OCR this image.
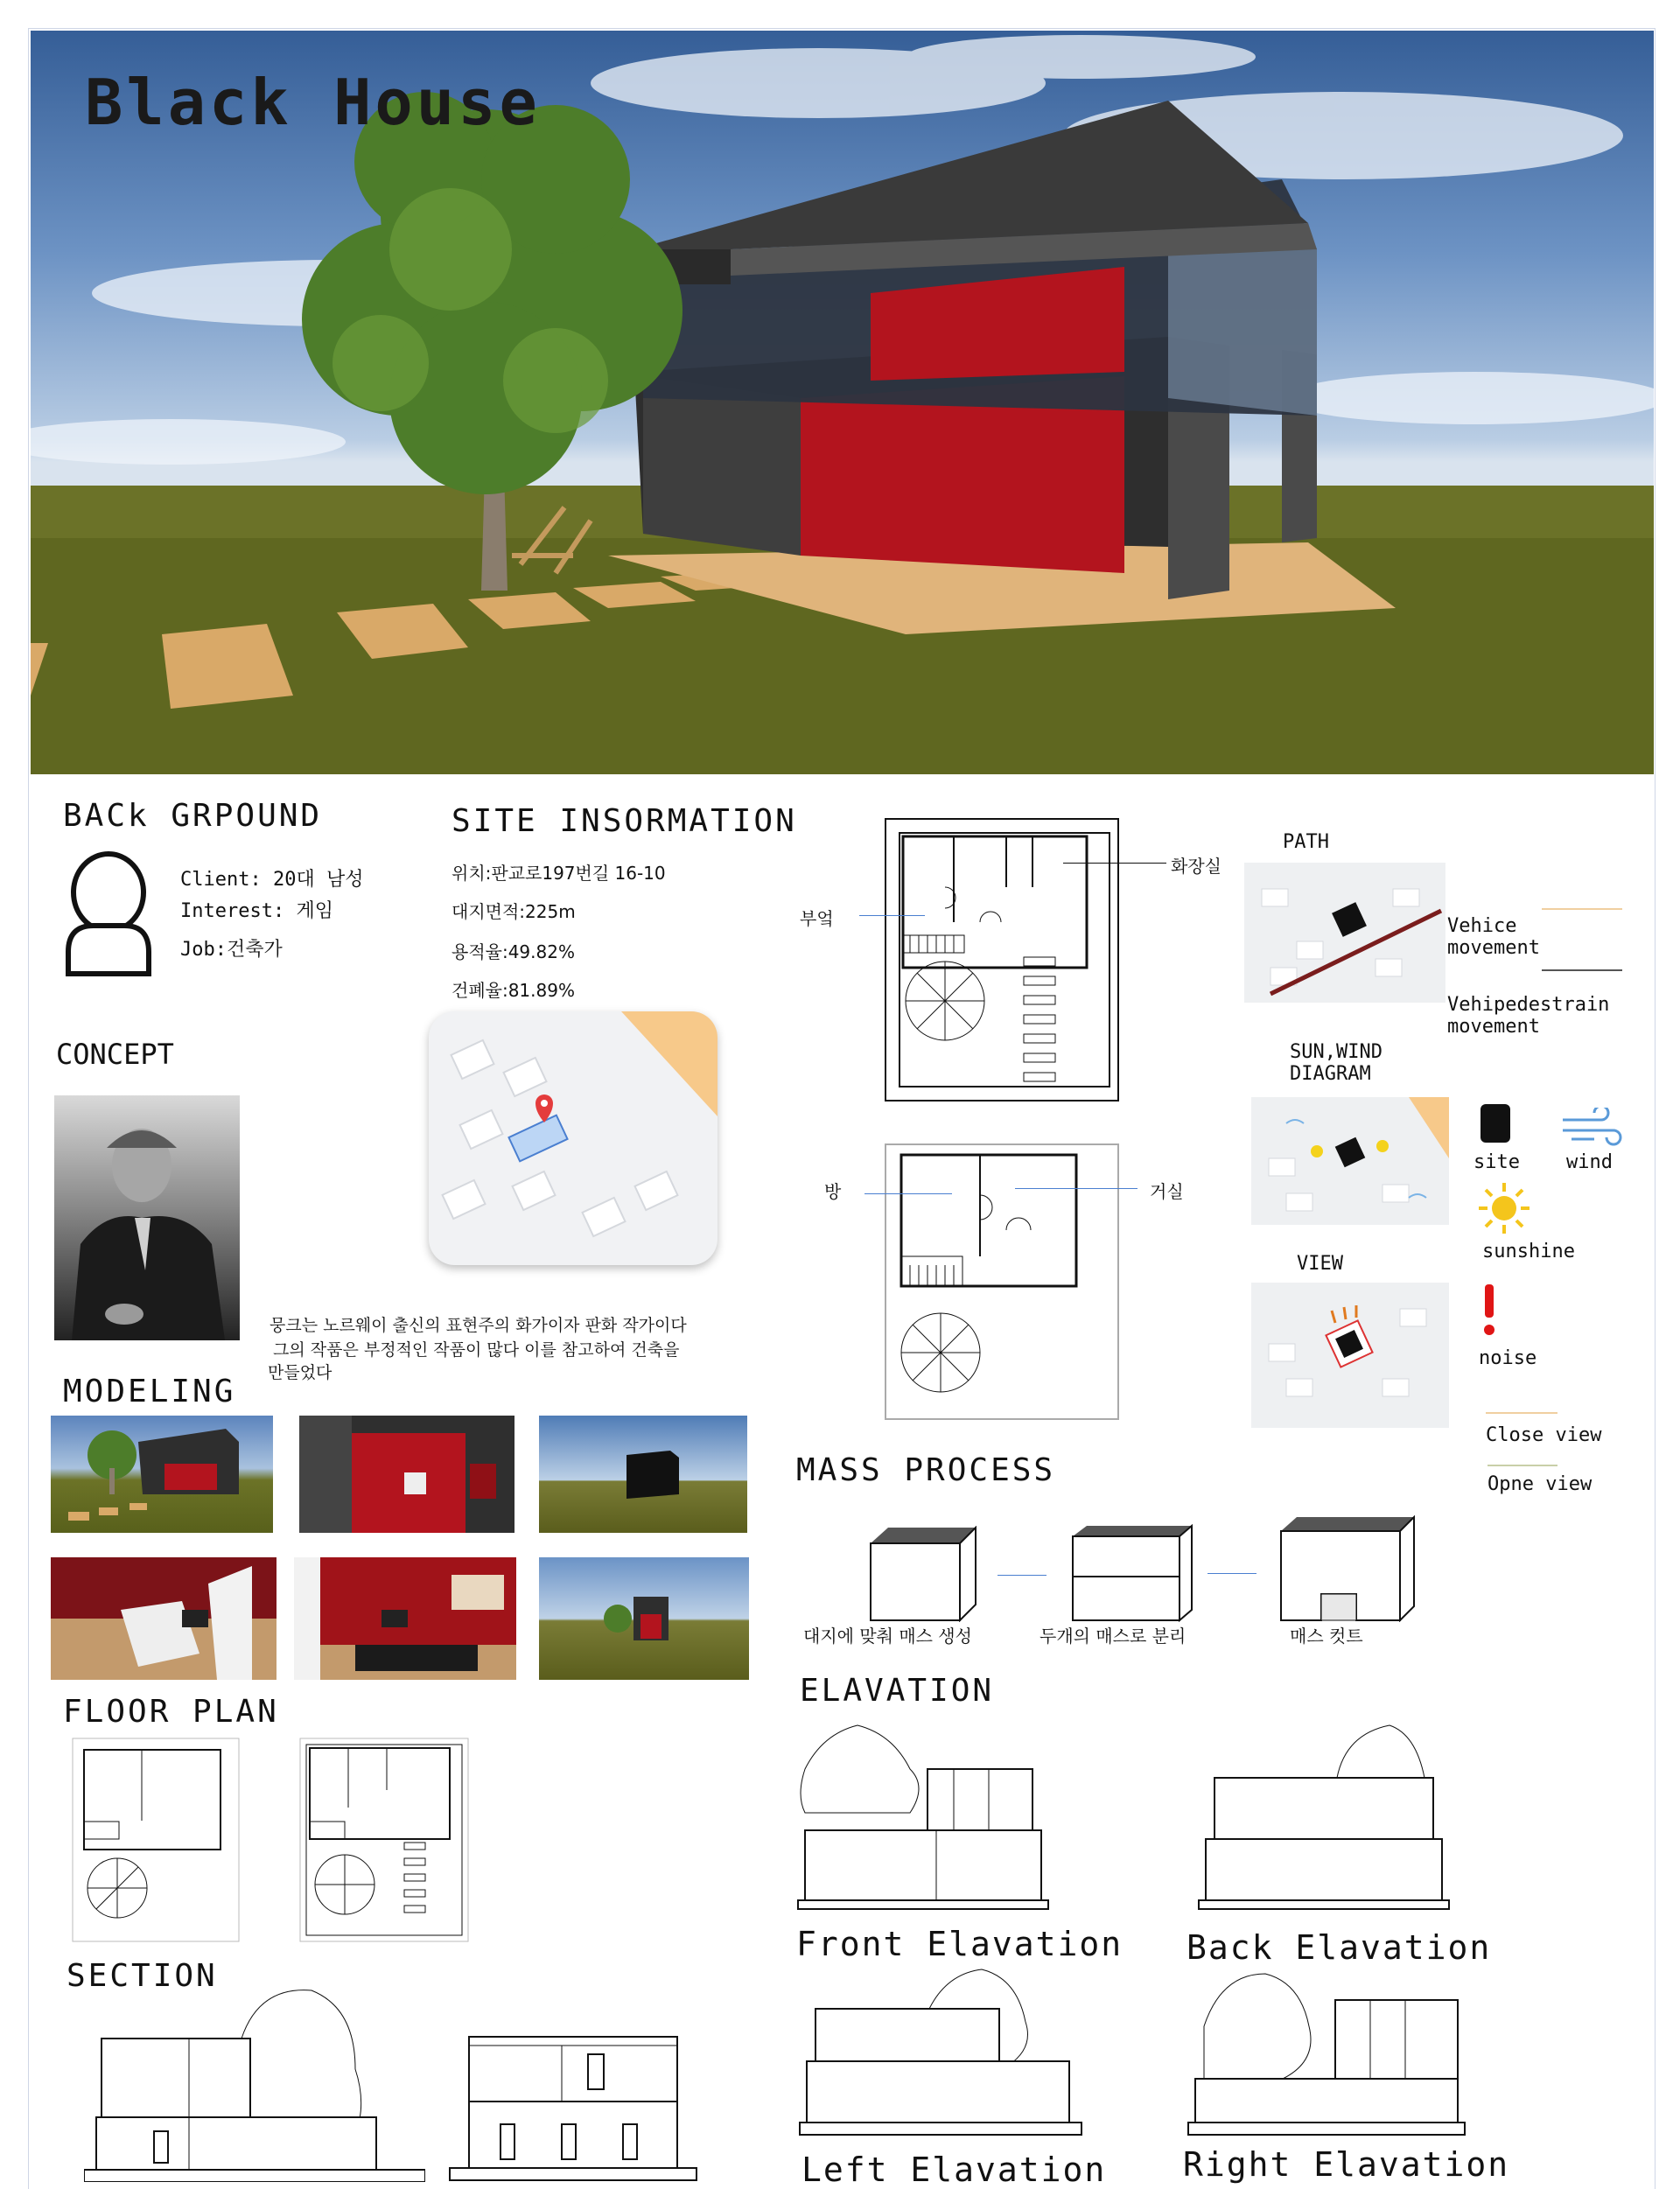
Black House
BACk GRPOUND
Client: 20대 남성
Interest: 게임
Job:건축가
SITE INSORMATION
위치:판교로197번길 16-10
대지면적:225m
용적율:49.82%
건폐율:81.89%
부엌
화장실
방	거실
PATH
Vehice movement
Vehipedestrain movement
SUN,WIND DIAGRAM
site wind
sunshine
noise
VIEW
Close view
Opne view
CONCEPT
뭉크는 노르웨이 출신의 표현주의 화가이자 판화 작가이다
그의 작품은 부정적인 작품이 많다 이를 참고하여 건축을
만들었다
MODELING
MASS PROCESS
대지에 맞춰 매스 생성	두개의 매스로 분리	매스 컷트
FLOOR PLAN
ELAVATION
Front Elavation Back Elavation
Left Elavation Right Elavation
SECTION
